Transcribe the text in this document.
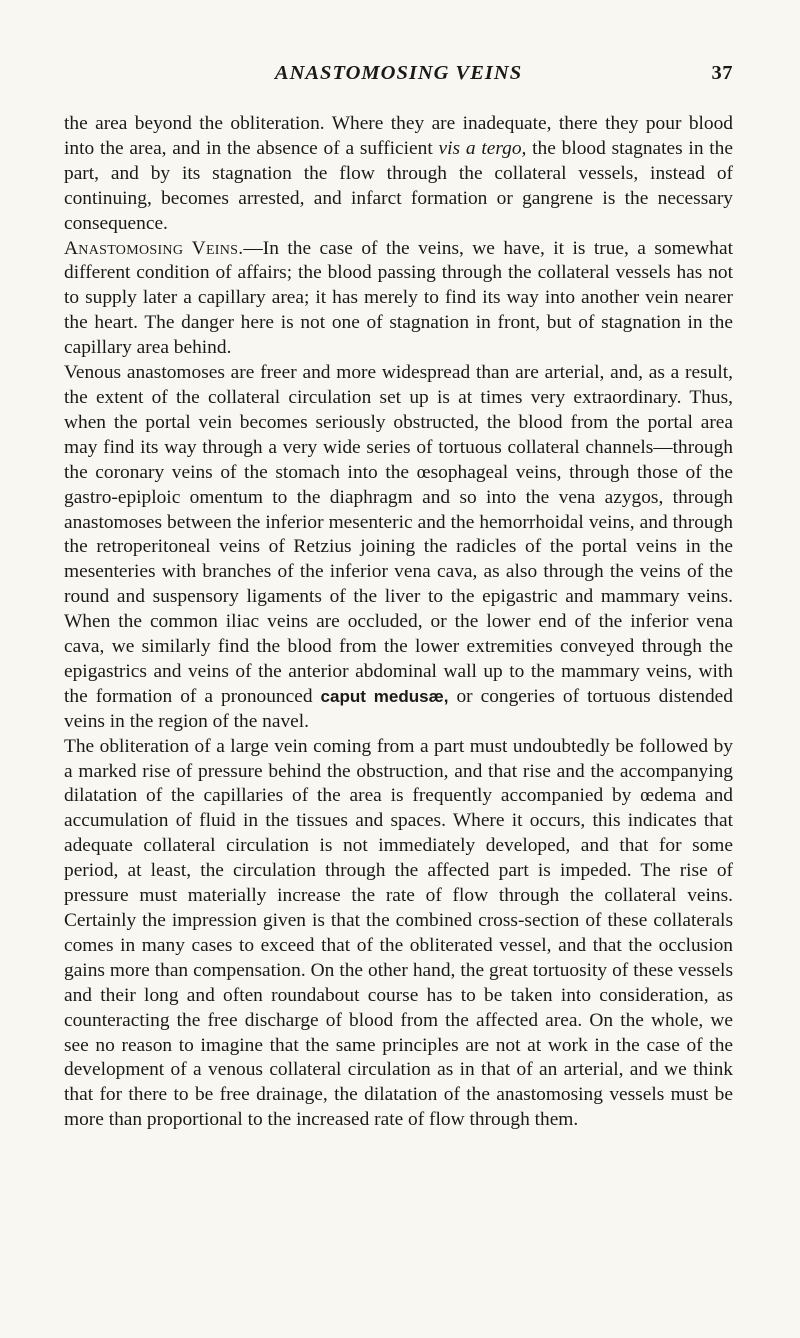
ANASTOMOSING VEINS	37

the area beyond the obliteration. Where they are inadequate, there they pour blood into the area, and in the absence of a sufficient vis a tergo, the blood stagnates in the part, and by its stagnation the flow through the collateral vessels, instead of continuing, becomes arrested, and infarct formation or gangrene is the necessary consequence.

Anastomosing Veins.—In the case of the veins, we have, it is true, a somewhat different condition of affairs; the blood passing through the collateral vessels has not to supply later a capillary area; it has merely to find its way into another vein nearer the heart. The danger here is not one of stagnation in front, but of stagnation in the capillary area behind.

Venous anastomoses are freer and more widespread than are arterial, and, as a result, the extent of the collateral circulation set up is at times very extraordinary. Thus, when the portal vein becomes seriously obstructed, the blood from the portal area may find its way through a very wide series of tortuous collateral channels—through the coronary veins of the stomach into the œsophageal veins, through those of the gastro-epiploic omentum to the diaphragm and so into the vena azygos, through anastomoses between the inferior mesenteric and the hemorrhoidal veins, and through the retroperitoneal veins of Retzius joining the radicles of the portal veins in the mesenteries with branches of the inferior vena cava, as also through the veins of the round and suspensory ligaments of the liver to the epigastric and mammary veins. When the common iliac veins are occluded, or the lower end of the inferior vena cava, we similarly find the blood from the lower extremities conveyed through the epigastrics and veins of the anterior abdominal wall up to the mammary veins, with the formation of a pronounced caput medusæ, or congeries of tortuous distended veins in the region of the navel.

The obliteration of a large vein coming from a part must undoubtedly be followed by a marked rise of pressure behind the obstruction, and that rise and the accompanying dilatation of the capillaries of the area is frequently accompanied by œdema and accumulation of fluid in the tissues and spaces. Where it occurs, this indicates that adequate collateral circulation is not immediately developed, and that for some period, at least, the circulation through the affected part is impeded. The rise of pressure must materially increase the rate of flow through the collateral veins. Certainly the impression given is that the combined cross-section of these collaterals comes in many cases to exceed that of the obliterated vessel, and that the occlusion gains more than compensation. On the other hand, the great tortuosity of these vessels and their long and often roundabout course has to be taken into consideration, as counteracting the free discharge of blood from the affected area. On the whole, we see no reason to imagine that the same principles are not at work in the case of the development of a venous collateral circulation as in that of an arterial, and we think that for there to be free drainage, the dilatation of the anastomosing vessels must be more than proportional to the increased rate of flow through them.
